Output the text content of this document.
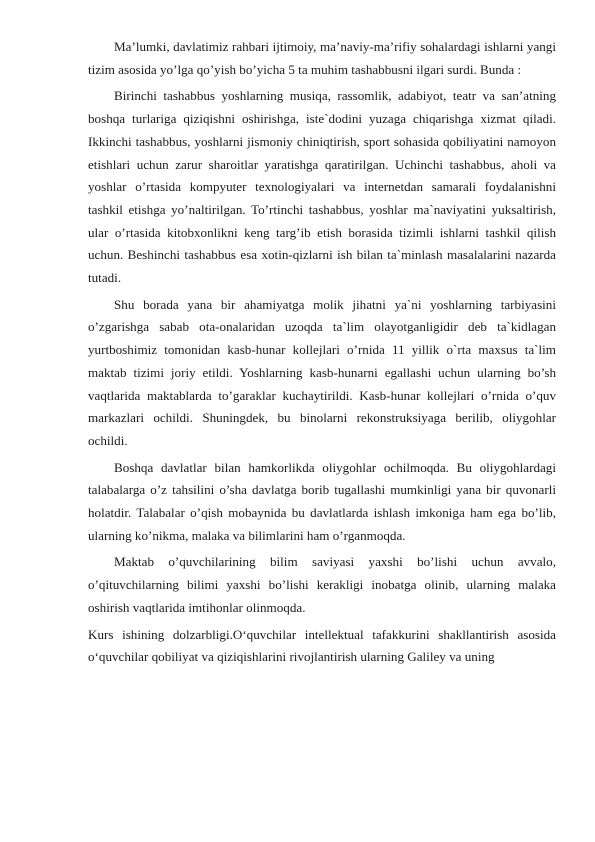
Ma’lumki, davlatimiz rahbari ijtimoiy, ma’naviy-ma’rifiy sohalardagi ishlarni yangi tizim asosida yo’lga qo’yish bo’yicha 5 ta muhim tashabbusni ilgari surdi. Bunda :

Birinchi tashabbus yoshlarning musiqa, rassomlik, adabiyot, teatr va san’atning boshqa turlariga qiziqishni oshirishga, iste`dodini yuzaga chiqarishga xizmat qiladi. Ikkinchi tashabbus, yoshlarni jismoniy chiniqtirish, sport sohasida qobiliyatini namoyon etishlari uchun zarur sharoitlar yaratishga qaratirilgan. Uchinchi tashabbus, aholi va yoshlar o’rtasida kompyuter texnologiyalari va internetdan samarali foydalanishni tashkil etishga yo’naltirilgan. To’rtinchi tashabbus, yoshlar ma`naviyatini yuksaltirish, ular o’rtasida kitobxonlikni keng targ’ib etish borasida tizimli ishlarni tashkil qilish uchun. Beshinchi tashabbus esa xotin-qizlarni ish bilan ta`minlash masalalarini nazarda tutadi.

Shu borada yana bir ahamiyatga molik jihatni ya`ni yoshlarning tarbiyasini o’zgarishga sabab ota-onalaridan uzoqda ta`lim olayotganligidir deb ta`kidlagan yurtboshimiz tomonidan kasb-hunar kollejlari o’rnida 11 yillik o`rta maxsus ta`lim maktab tizimi joriy etildi. Yoshlarning kasb-hunarni egallashi uchun ularning bo’sh vaqtlarida maktablarda to’garaklar kuchaytirildi. Kasb-hunar kollejlari o’rnida o’quv markazlari ochildi. Shuningdek, bu binolarni rekonstruksiyaga berilib, oliygohlar ochildi.

Boshqa davlatlar bilan hamkorlikda oliygohlar ochilmoqda. Bu oliygohlardagi talabalarga o’z tahsilini o’sha davlatga borib tugallashi mumkinligi yana bir quvonarli holatdir. Talabalar o’qish mobaynida bu davlatlarda ishlash imkoniga ham ega bo’lib, ularning ko’nikma, malaka va bilimlarini ham o’rganmoqda.

Maktab o’quvchilarining bilim saviyasi yaxshi bo’lishi uchun avvalo, o’qituvchilarning bilimi yaxshi bo’lishi kerakligi inobatga olinib, ularning malaka oshirish vaqtlarida imtihonlar olinmoqda.

Kurs ishining dolzarbligi.O‘quvchilar intellektual tafakkurini shakllantirish asosida o‘quvchilar qobiliyat va qiziqishlarini rivojlantirish ularning Galiley va uning
